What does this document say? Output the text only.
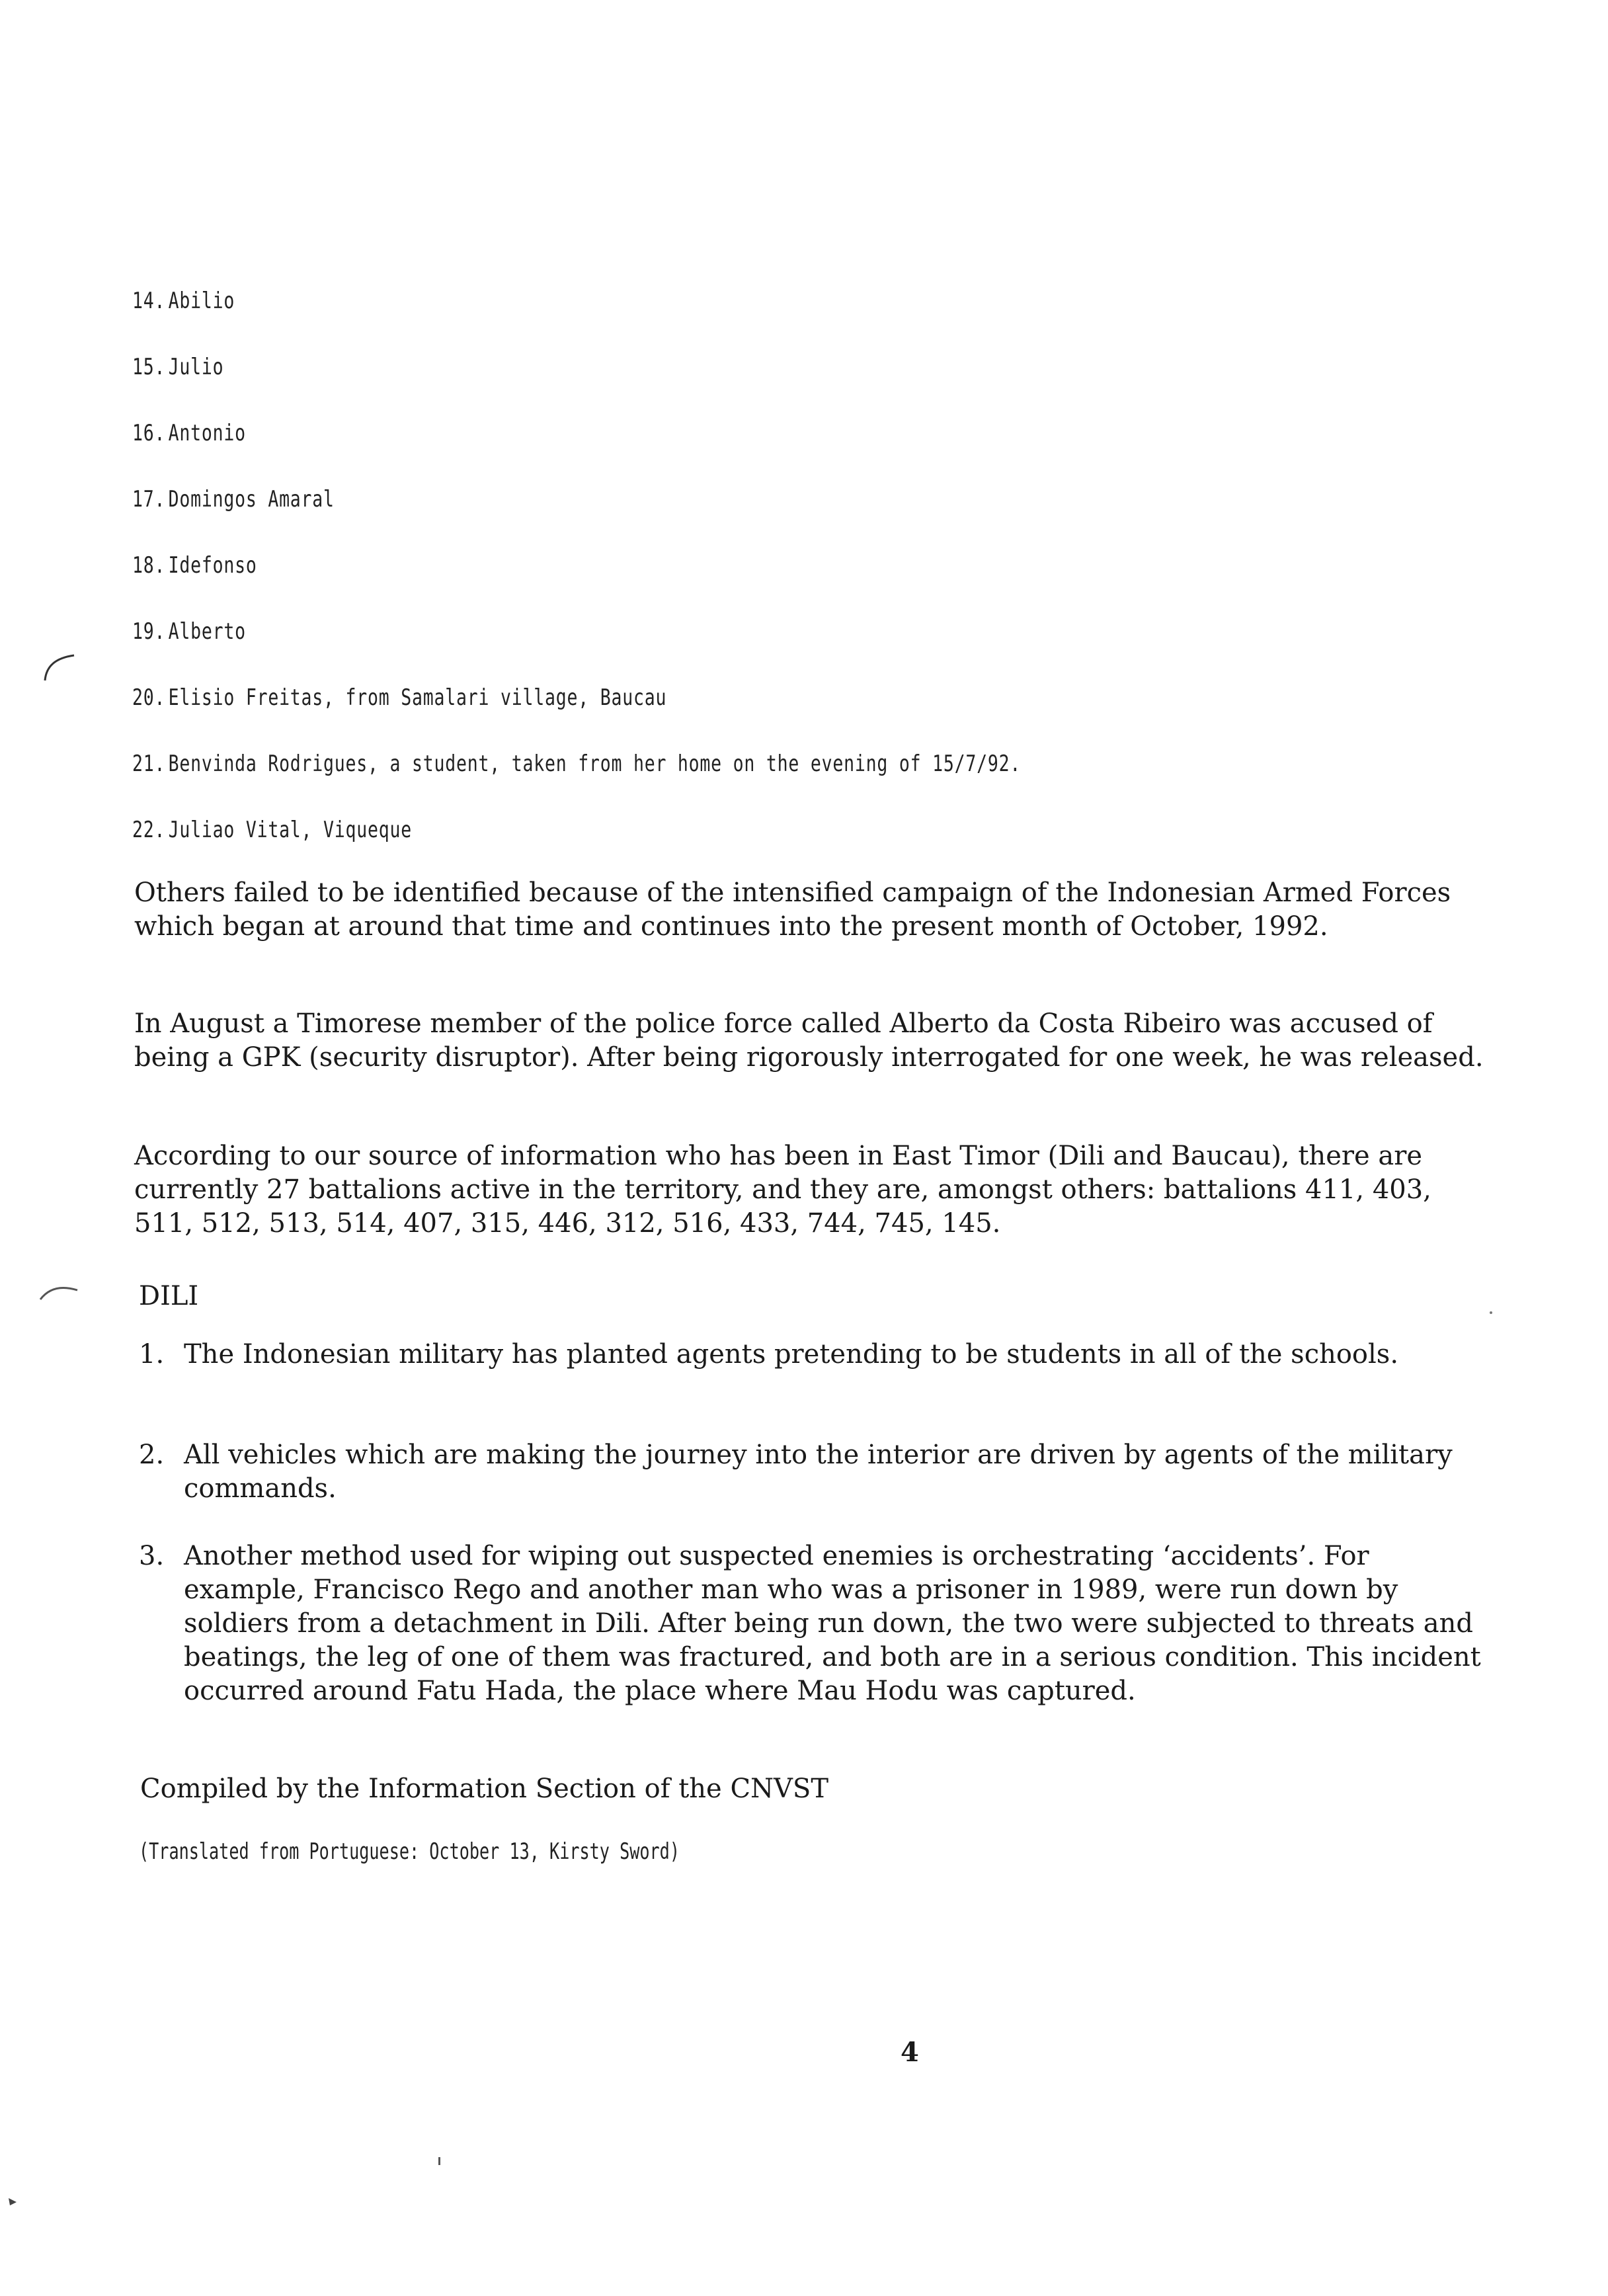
14. Abilio
15. Julio
16. Antonio
17. Domingos Amaral
18. Idefonso
19. Alberto
20. Elisio Freitas, from Samalari village, Baucau
21. Benvinda Rodrigues, a student, taken from her home on the evening of 15/7/92.
22. Juliao Vital, Viqueque

Others failed to be identified because of the intensified campaign of the Indonesian Armed Forces which began at around that time and continues into the present month of October, 1992.

In August a Timorese member of the police force called Alberto da Costa Ribeiro was accused of being a GPK (security disruptor). After being rigorously interrogated for one week, he was released.

According to our source of information who has been in East Timor (Dili and Baucau), there are currently 27 battalions active in the territory, and they are, amongst others: battalions 411, 403, 511, 512, 513, 514, 407, 315, 446, 312, 516, 433, 744, 745, 145.

DILI

1. The Indonesian military has planted agents pretending to be students in all of the schools.
2. All vehicles which are making the journey into the interior are driven by agents of the military commands.
3. Another method used for wiping out suspected enemies is orchestrating ‘accidents’. For example, Francisco Rego and another man who was a prisoner in 1989, were run down by soldiers from a detachment in Dili. After being run down, the two were subjected to threats and beatings, the leg of one of them was fractured, and both are in a serious condition. This incident occurred around Fatu Hada, the place where Mau Hodu was captured.

Compiled by the Information Section of the CNVST

(Translated from Portuguese: October 13, Kirsty Sword)
4
